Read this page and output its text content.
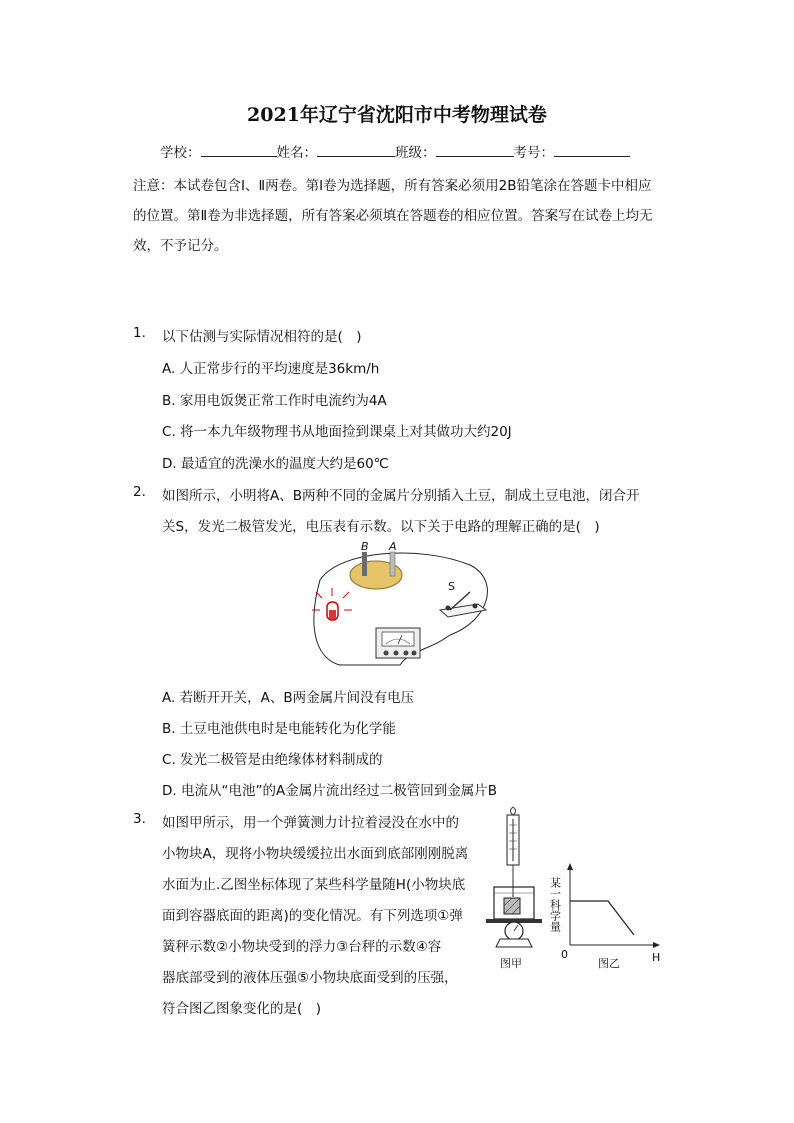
2021年辽宁省沈阳市中考物理试卷
学校：	姓名：	班级：	考号：
注意：本试卷包含Ⅰ、Ⅱ两卷。第Ⅰ卷为选择题，所有答案必须用2B铅笔涂在答题卡中相应的位置。第Ⅱ卷为非选择题，所有答案必须填在答题卷的相应位置。答案写在试卷上均无效，不予记分。
1. 以下估测与实际情况相符的是(　)
A. 人正常步行的平均速度是36km/h
B. 家用电饭煲正常工作时电流约为4A
C. 将一本九年级物理书从地面捡到课桌上对其做功大约20J
D. 最适宜的洗澡水的温度大约是60℃
2. 如图所示，小明将A、B两种不同的金属片分别插入土豆，制成土豆电池，闭合开
关S，发光二极管发光，电压表有示数。以下关于电路的理解正确的是(　)
B A
S
A. 若断开开关，A、B两金属片间没有电压
B. 土豆电池供电时是电能转化为化学能
C. 发光二极管是由绝缘体材料制成的
D. 电流从“电池”的A金属片流出经过二极管回到金属片B
3. 如图甲所示，用一个弹簧测力计拉着浸没在水中的
小物块A，现将小物块缓缓拉出水面到底部刚刚脱离
水面为止.乙图坐标体现了某些科学量随H(小物块底
面到容器底面的距离)的变化情况。有下列选项①弹
簧秤示数②小物块受到的浮力③台秤的示数④容
器底部受到的液体压强⑤小物块底面受到的压强，
符合图乙图象变化的是(　)
图甲
某一科学量
0	H
图乙
